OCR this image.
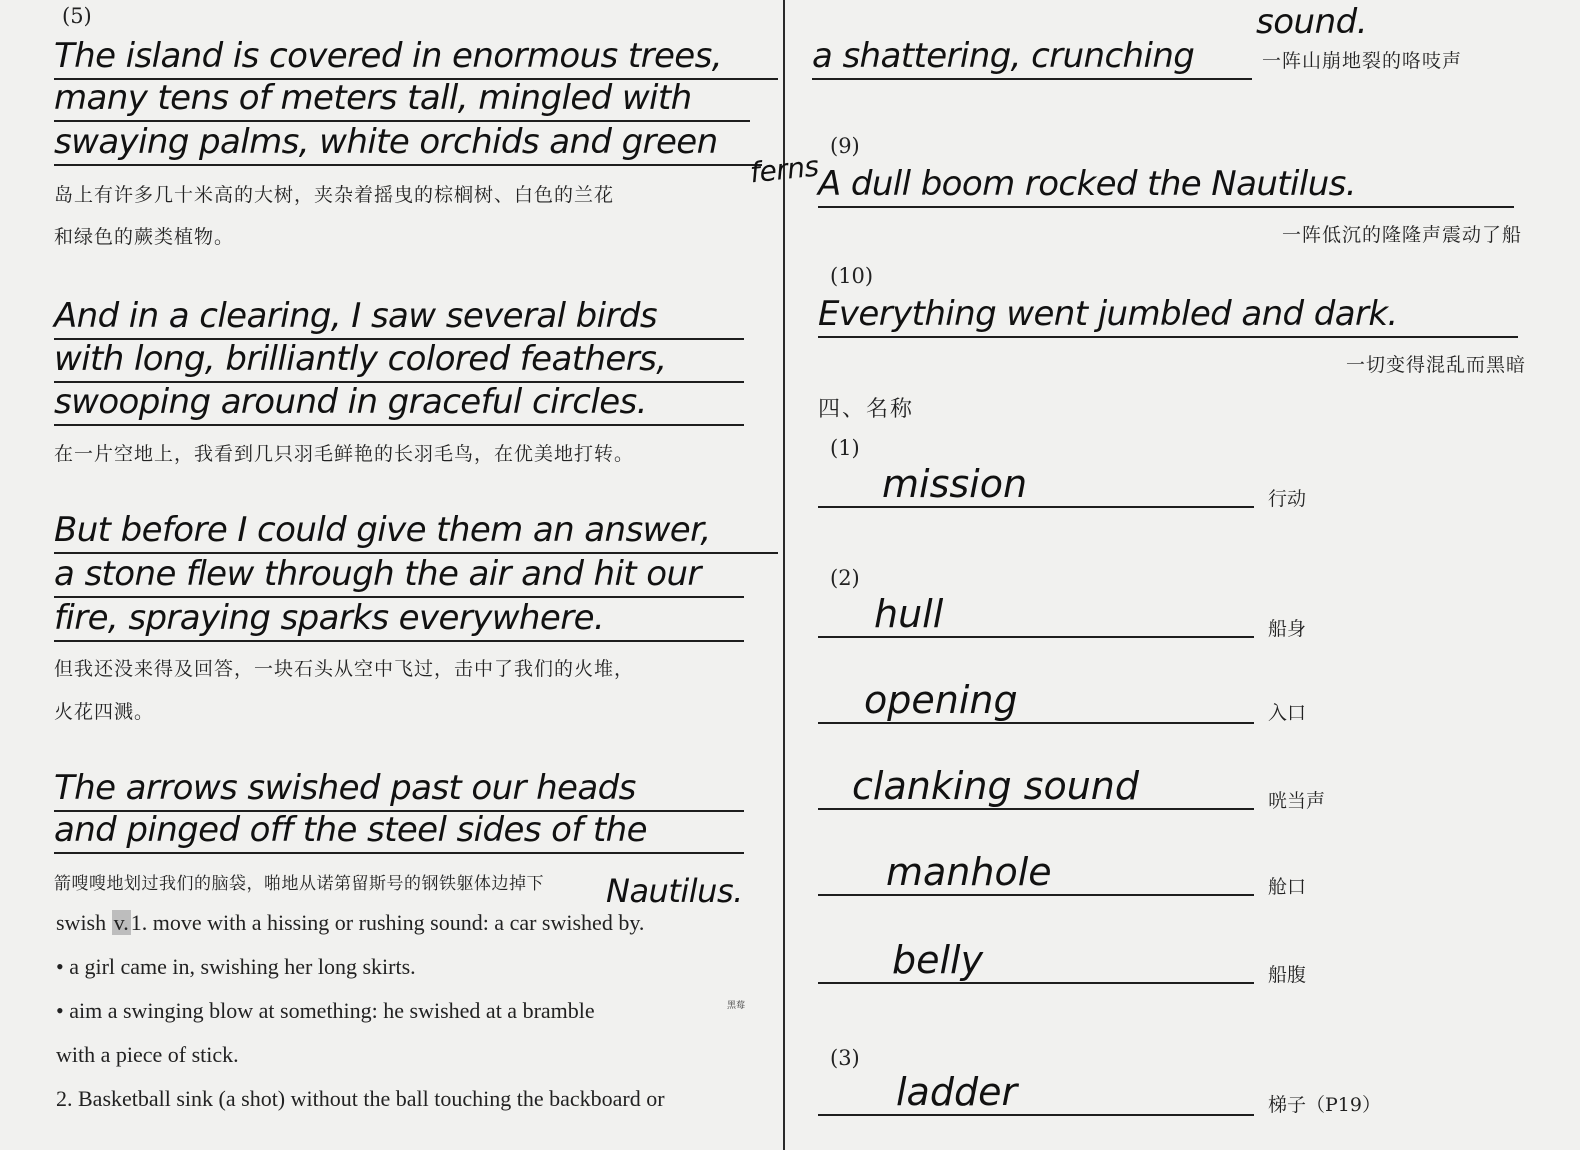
(5)
The island is covered in enormous trees,
many tens of meters tall, mingled with
swaying palms, white orchids and green
ferns
岛上有许多几十米高的大树，夹杂着摇曳的棕榈树、白色的兰花
和绿色的蕨类植物。
And in a clearing, I saw several birds
with long, brilliantly colored feathers,
swooping around in graceful circles.
在一片空地上，我看到几只羽毛鲜艳的长羽毛鸟，在优美地打转。
But before I could give them an answer,
a stone flew through the air and hit our
fire, spraying sparks everywhere.
但我还没来得及回答，一块石头从空中飞过，击中了我们的火堆，
火花四溅。
The arrows swished past our heads
and pinged off the steel sides of the
箭嗖嗖地划过我们的脑袋，啪地从诺第留斯号的钢铁躯体边掉下 Nautilus.
swish v.1. move with a hissing or rushing sound: a car swished by.
• a girl came in, swishing her long skirts.
• aim a swinging blow at something: he swished at a bramble	黑莓
with a piece of stick.
2. Basketball sink (a shot) without the ball touching the backboard or
sound.
a shattering, crunching	一阵山崩地裂的咯吱声
(9)
A dull boom rocked the Nautilus.
一阵低沉的隆隆声震动了船
(10)
Everything went jumbled and dark.
一切变得混乱而黑暗
四、名称
(1)
mission	行动
(2)
hull	船身
opening	入口
clanking sound	咣当声
manhole	舱口
belly	船腹
(3)
ladder	梯子（P19）
